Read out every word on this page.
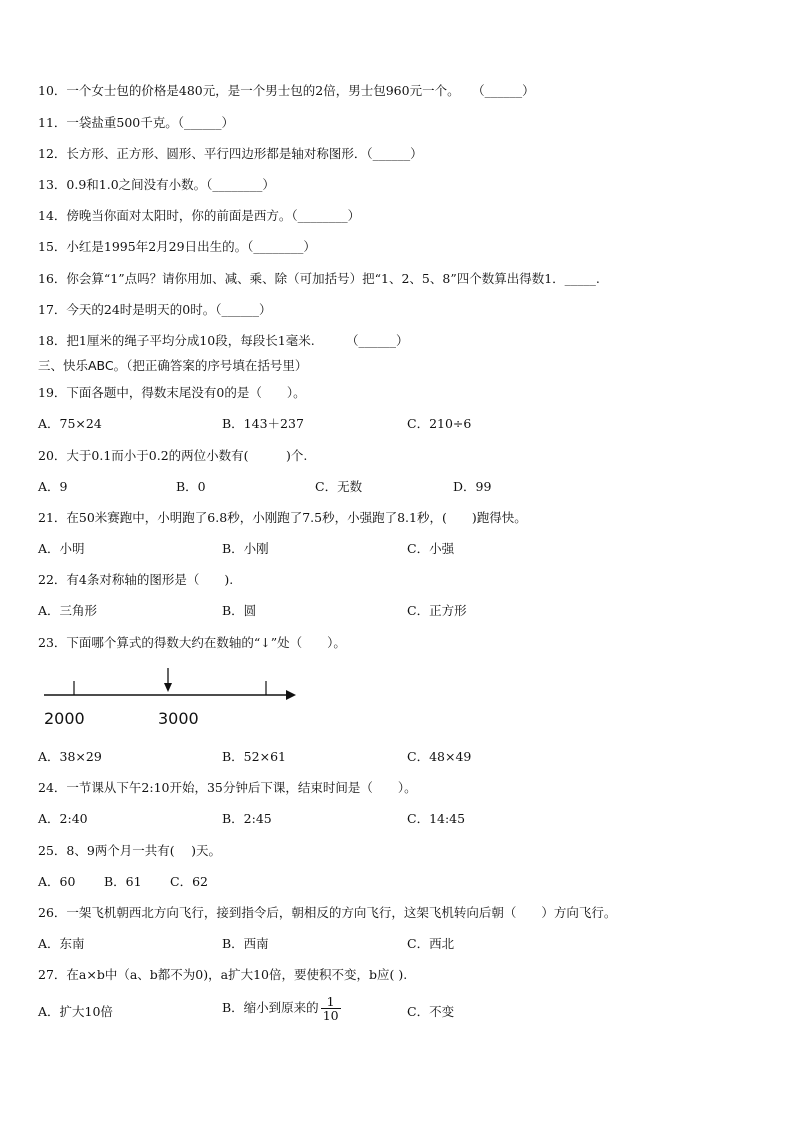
10．一个女士包的价格是480元，是一个男士包的2倍，男士包960元一个。　　（______）
11．一袋盐重500千克。（______）
12．长方形、正方形、圆形、平行四边形都是轴对称图形．（______）
13．0.9和1.0之间没有小数。（________）
14．傍晚当你面对太阳时，你的前面是西方。（________）
15．小红是1995年2月29日出生的。（________）
16．你会算“1”点吗？请你用加、减、乘、除（可加括号）把“1、2、5、8”四个数算出得数1．_____.
17．今天的24时是明天的0时。（______）
18．把1厘米的绳子平均分成10段，每段长1毫米.　　　（______）
三、快乐ABC。（把正确答案的序号填在括号里）
19．下面各题中，得数末尾没有0的是（　　）。
A．75×24	B．143＋237	C．210÷6
20．大于0.1而小于0.2的两位小数有(　　　)个.
A．9	B．0	C．无数	D．99
21．在50米赛跑中，小明跑了6.8秒，小刚跑了7.5秒，小强跑了8.1秒，(　　)跑得快。
A．小明	B．小刚	C．小强
22．有4条对称轴的图形是（　　).
A．三角形	B．圆	C．正方形
23．下面哪个算式的得数大约在数轴的“↓”处（　　）。
2000	3000
A．38×29	B．52×61	C．48×49
24．一节课从下午2:10开始，35分钟后下课，结束时间是（　　）。
A．2:40	B．2:45	C．14:45
25．8、9两个月一共有(　 )天。
A．60 B．61 C．62
26．一架飞机朝西北方向飞行，接到指令后，朝相反的方向飞行，这架飞机转向后朝（　　）方向飞行。
A．东南	B．西南	C．西北
27．在a×b中（a、b都不为0)，a扩大10倍，要使积不变，b应( ).
A．扩大10倍	B．缩小到原来的 $\frac{1}{10}$	C．不变
